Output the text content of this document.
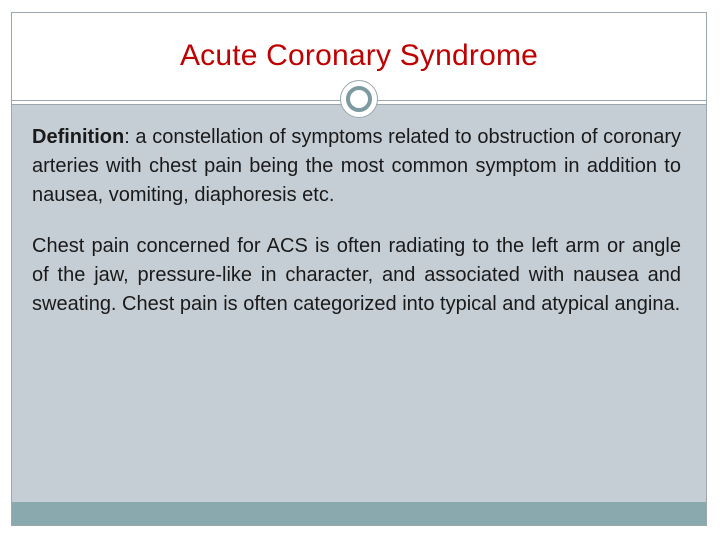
Acute Coronary Syndrome

Definition: a constellation of symptoms related to obstruction of coronary arteries with chest pain being the most common symptom in addition to nausea, vomiting, diaphoresis etc.

Chest pain concerned for ACS is often radiating to the left arm or angle of the jaw, pressure-like in character, and associated with nausea and sweating. Chest pain is often categorized into typical and atypical angina.
